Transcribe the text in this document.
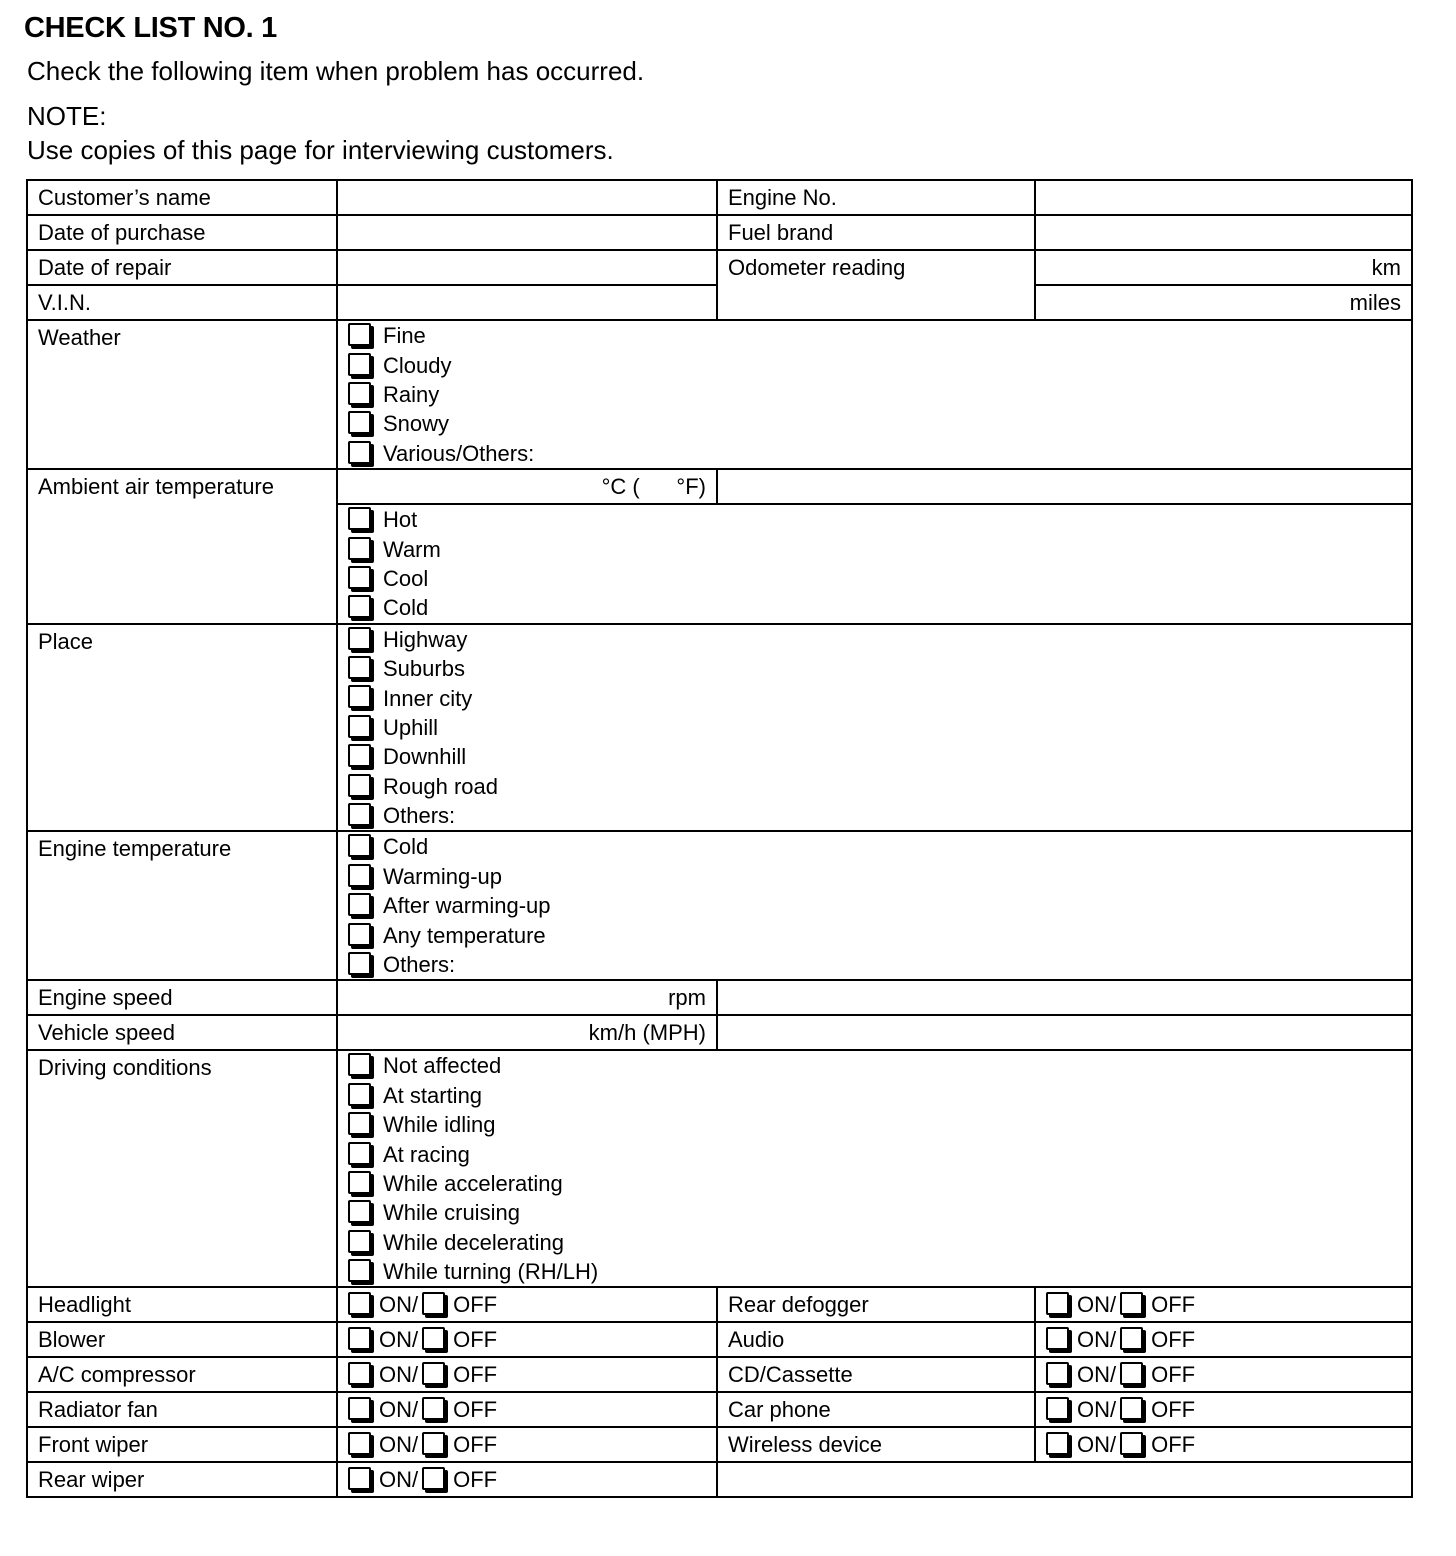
CHECK LIST NO. 1
Check the following item when problem has occurred.
NOTE:
Use copies of this page for interviewing customers.
Customer’s name		Engine No.	
Date of purchase		Fuel brand	
Date of repair		Odometer reading	km
V.I.N.			miles
Weather	Fine
Cloudy
Rainy
Snowy
Various/Others:		

Ambient air temperature	°C (      °F)		

	Hot
Warm
Cool
Cold		

Place	Highway
Suburbs
Inner city
Uphill
Downhill
Rough road
Others:

Engine temperature	Cold
Warming-up
After warming-up
Any temperature
Others:		

Engine speed	rpm		
Vehicle speed	km/h (MPH)		
Driving conditions	Not affected
At starting
While idling
At racing
While accelerating
While cruising
While decelerating
While turning (RH/LH)

Headlight	ON/ OFF	Rear defogger	ON/ OFF

Blower	ON/ OFF	Audio	ON/ OFF

A/C compressor	ON/ OFF	CD/Cassette	ON/ OFF

Radiator fan	ON/ OFF	Car phone	ON/ OFF

Front wiper	ON/ OFF	Wireless device	ON/ OFF

Rear wiper	ON/ OFF		
